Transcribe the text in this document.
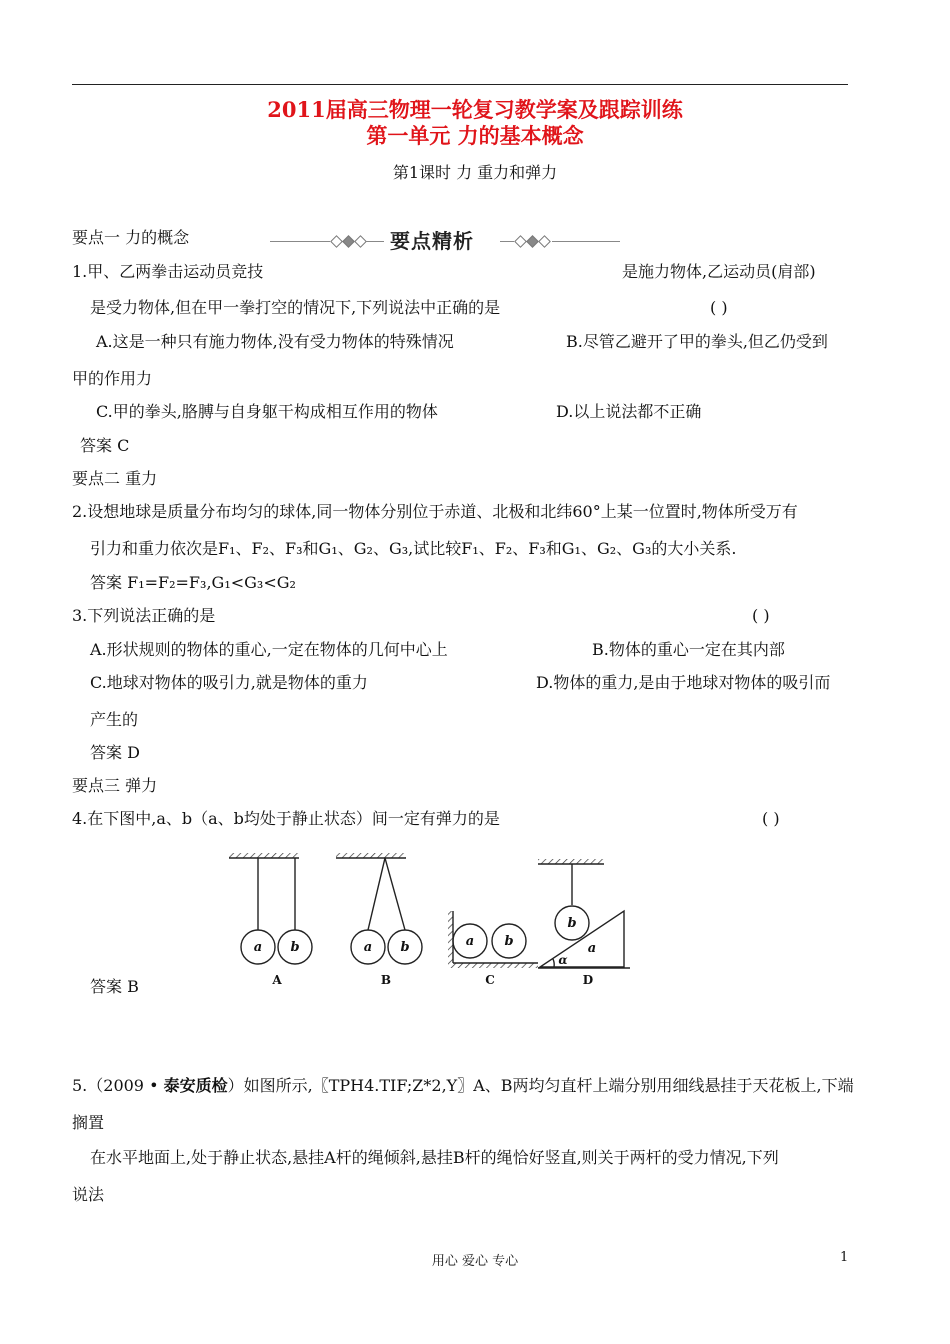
2011届高三物理一轮复习教学案及跟踪训练
第一单元 力的基本概念
第1课时 力 重力和弹力
要点一 力的概念	要点精析
1.甲、乙两拳击运动员竞技	是施力物体,乙运动员(肩部)
是受力物体,但在甲一拳打空的情况下,下列说法中正确的是	( )
A.这是一种只有施力物体,没有受力物体的特殊情况	B.尽管乙避开了甲的拳头,但乙仍受到
甲的作用力
C.甲的拳头,胳膊与自身躯干构成相互作用的物体	D.以上说法都不正确
答案 C
要点二 重力
2.设想地球是质量分布均匀的球体,同一物体分别位于赤道、北极和北纬60°上某一位置时,物体所受万有
引力和重力依次是F₁、F₂、F₃和G₁、G₂、G₃,试比较F₁、F₂、F₃和G₁、G₂、G₃的大小关系.
答案 F₁=F₂=F₃,G₁<G₃<G₂
3.下列说法正确的是	( )
A.形状规则的物体的重心,一定在物体的几何中心上	B.物体的重心一定在其内部
C.地球对物体的吸引力,就是物体的重力	D.物体的重力,是由于地球对物体的吸引而
产生的
答案 D
要点三 弹力
4.在下图中,a、b（a、b均处于静止状态）间一定有弹力的是	( )
a b	a b	a b
b
a
α
A	B	C	D
答案 B
5.（2009 • 泰安质检）如图所示,〖TPH4.TIF;Z*2,Y〗A、B两均匀直杆上端分别用细线悬挂于天花板上,下端
搁置
在水平地面上,处于静止状态,悬挂A杆的绳倾斜,悬挂B杆的绳恰好竖直,则关于两杆的受力情况,下列
说法
用心 爱心 专心	1
